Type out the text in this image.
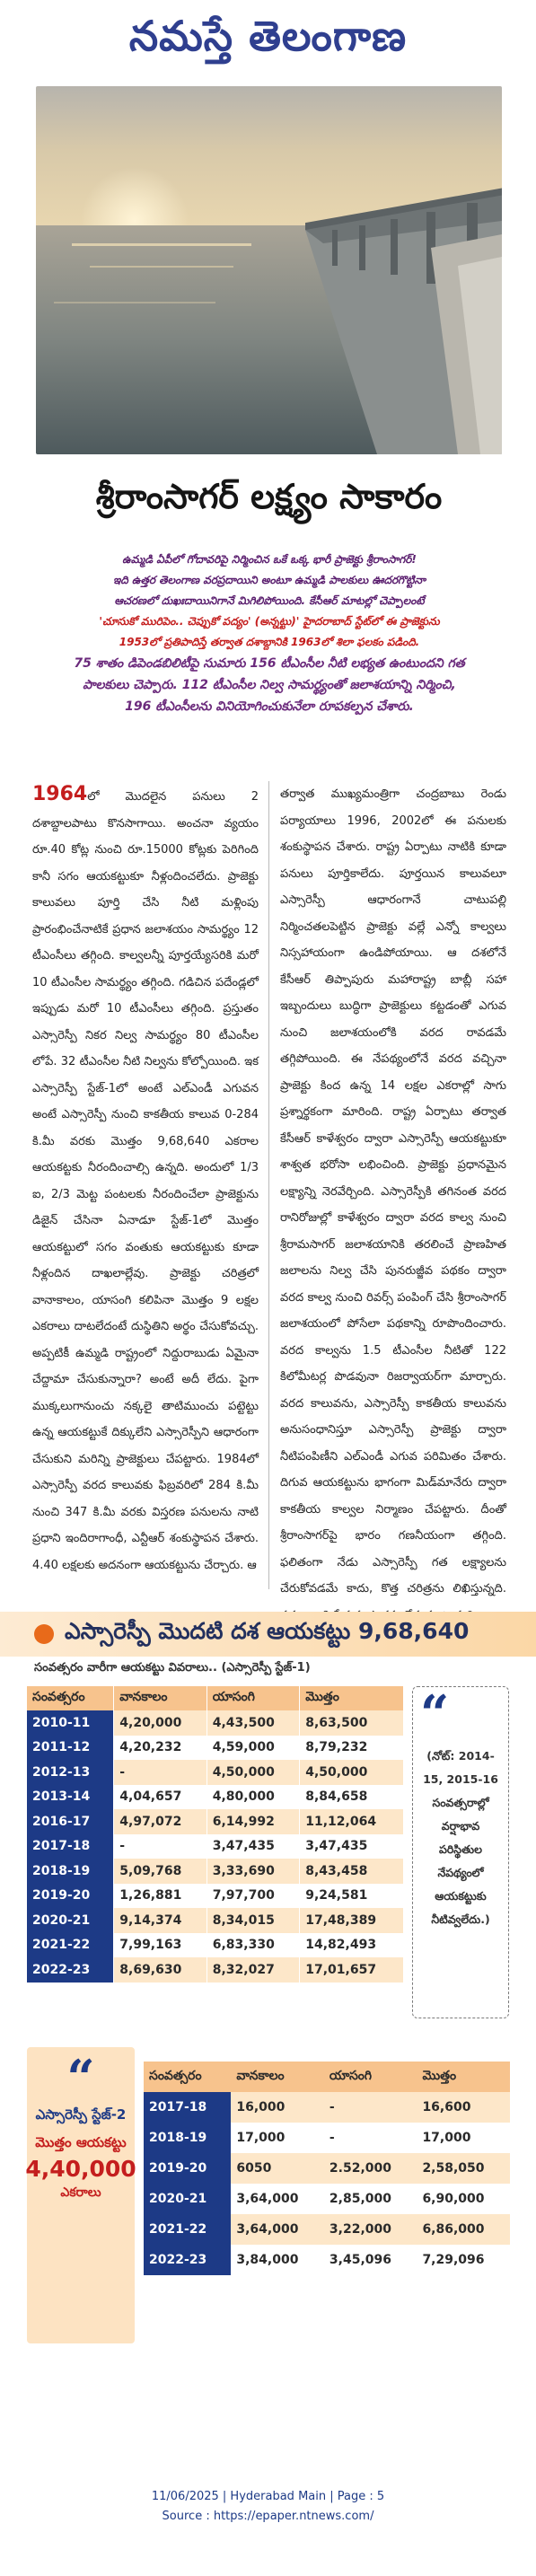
నమస్తే తెలంగాణ
శ్రీరాంసాగర్ లక్ష్యం సాకారం
ఉమ్మడి ఏపీలో గోదావరిపై నిర్మించిన ఒకే ఒక్క భారీ ప్రాజెక్టు శ్రీరాంసాగర్!
ఇది ఉత్తర తెలంగాణ వరప్రదాయిని అంటూ ఉమ్మడి పాలకులు ఊదరగొట్టినా
ఆచరణలో దుఖఃదాయినిగానే మిగిలిపోయింది. కేసీఆర్ మాటల్లో చెప్పాలంటే
'చూసుకో మురిపెం.. చెప్పుకో పద్యం' (అన్నట్టు)' హైదరాబాద్ స్టేట్‌లో ఈ ప్రాజెక్టును
1953లో ప్రతిపాదిస్తే తర్వాత దశాబ్దానికి 1963లో శిలా ఫలకం పడింది.
75 శాతం డిపెండబిలిటీపై సుమారు 156 టీఎంసీల నీటి లభ్యత ఉంటుందని గత
పాలకులు చెప్పారు. 112 టీఎంసీల నిల్వ సామర్థ్యంతో జలాశయాన్ని నిర్మించి,
196 టీఎంసీలను వినియోగించుకునేలా రూపకల్పన చేశారు.
1964లో మొదలైన పనులు 2 దశాబ్దాలపాటు కొనసాగాయి. అంచనా వ్యయం రూ.40 కోట్ల నుంచి రూ.15000 కోట్లకు పెరిగింది కానీ సగం ఆయకట్టుకూ నీళ్లందించలేదు. ప్రాజెక్టు కాలువలు పూర్తి చేసి నీటి మళ్లింపు ప్రారంభించేనాటికే ప్రధాన జలాశయం సామర్థ్యం 12 టీఎంసీలు తగ్గింది. కాల్వలన్నీ పూర్తయ్యేసరికి మరో 10 టీఎంసీల సామర్థ్యం తగ్గింది. గడిచిన పదేండ్లలో ఇప్పుడు మరో 10 టీఎంసీలు తగ్గింది. ప్రస్తుతం ఎస్సారెస్పీ నికర నిల్వ సామర్థ్యం 80 టీఎంసీల లోపే. 32 టీఎంసీల నీటి నిల్వను కోల్పోయింది. ఇక ఎస్సారెస్పీ స్టేజ్-1లో అంటే ఎల్‌ఎండీ ఎగువన అంటే ఎస్సారెస్పీ నుంచి కాకతీయ కాలువ 0-284 కి.మీ వరకు మొత్తం 9,68,640 ఎకరాల ఆయకట్టకు నీరందించాల్సి ఉన్నది. అందులో 1/3 ఐ, 2/3 మెట్ట పంటలకు నీరందించేలా ప్రాజెక్టును డిజైన్ చేసినా ఏనాడూ స్టేజ్-1లో మొత్తం ఆయకట్టులో సగం వంతుకు ఆయకట్టుకు కూడా నీళ్లందిన దాఖలాల్లేవు. ప్రాజెక్టు చరిత్రలో వానాకాలం, యాసంగి కలిపినా మొత్తం 9 లక్షల ఎకరాలు దాటలేదంటే దుస్థితిని అర్థం చేసుకోవచ్చు. అప్పటికీ ఉమ్మడి రాష్ట్రంలో నిద్దురాబుడు ఏమైనా చేద్దామా చేసుకున్నారా? అంటే అదీ లేదు. పైగా ముక్కలుగానుంచు నక్కలై తాటిముంచు పట్టెట్టు ఉన్న ఆయకట్టుకే దిక్కులేని ఎస్సారెస్పీని ఆధారంగా చేసుకుని మరిన్ని ప్రాజెక్టులు చేపట్టారు. 1984లో ఎస్సారెస్పీ వరద కాలువకు ఫిబ్రవరిలో 284 కి.మీ నుంచి 347 కి.మీ వరకు విస్తరణ పనులను నాటి ప్రధాని ఇందిరాగాంధీ, ఎన్టీఆర్ శంకుస్థాపన చేశారు. 4.40 లక్షలకు అదనంగా ఆయకట్టును చేర్చారు. ఆ
తర్వాత ముఖ్యమంత్రిగా చంద్రబాబు రెండు పర్యాయాలు 1996, 2002లో ఈ పనులకు శంకుస్థాపన చేశారు. రాష్ట్ర ఏర్పాటు నాటికి కూడా పనులు పూర్తికాలేదు. పూర్తయిన కాలువలూ ఎస్సారెస్పీ ఆధారంగానే చాటుపల్లి నిర్మించతలపెట్టిన ప్రాజెక్టు వల్లే ఎన్నో కాల్వలు నిస్సహాయంగా ఉండిపోయాయి. ఆ దశలోనే కేసీఆర్ తిప్పాపురు మహారాష్ట్ర బాబ్లీ సహా ఇబ్బందులు బుద్ధిగా ప్రాజెక్టులు కట్టడంతో ఎగువ నుంచి జలాశయంలోకి వరద రావడమే తగ్గిపోయింది. ఈ నేపథ్యంలోనే వరద వచ్చినా ప్రాజెక్టు కింద ఉన్న 14 లక్షల ఎకరాల్లో సాగు ప్రశ్నార్థకంగా మారింది. రాష్ట్ర ఏర్పాటు తర్వాత కేసీఆర్ కాళేశ్వరం ద్వారా ఎస్సారెస్పీ ఆయకట్టుకూ శాశ్వత భరోసా లభించింది. ప్రాజెక్టు ప్రధానమైన లక్ష్యాన్ని నెరవేర్చింది. ఎస్సారెస్పీకి తగినంత వరద రానిరోజుల్లో కాళేశ్వరం ద్వారా వరద కాల్వ నుంచి శ్రీరామసాగర్ జలాశయానికి తరలించే ప్రాణహిత జలాలను నిల్వ చేసి పునరుజ్జీవ పథకం ద్వారా వరద కాల్వ నుంచి రివర్స్ పంపింగ్ చేసి శ్రీరాంసాగర్ జలాశయంలో పోసేలా పథకాన్ని రూపొందించారు. వరద కాల్వను 1.5 టీఎంసీల నీటితో 122 కిలోమీటర్ల పొడవునా రిజర్వాయర్‌గా మార్చారు. వరద కాలువను, ఎస్సారెస్పీ కాకతీయ కాలువను అనుసంధానిస్తూ ఎస్సారెస్పీ ప్రాజెక్టు ద్వారా నీటిపంపిణీని ఎల్‌ఎండీ ఎగువ పరిమితం చేశారు. దిగువ ఆయకట్టును భాగంగా మిడ్‌మానేరు ద్వారా కాకతీయ కాల్వల నిర్మాణం చేపట్టారు. దీంతో శ్రీరాంసాగర్‌పై భారం గణనీయంగా తగ్గింది. ఫలితంగా నేడు ఎస్సారెస్పీ గత లక్ష్యాలను చేరుకోవడమే కాదు, కొత్త చరిత్రను లిఖిస్తున్నది.
ఎస్సారెస్పీ మొదటి దశ ఆయకట్టు 9,68,640
సంవత్సరం వారీగా ఆయకట్టు వివరాలు.. (ఎస్సారెస్పీ స్టేజ్-1)
సంవత్సరం	వానకాలం	యాసంగి	మొత్తం
2010-11	4,20,000	4,43,500	8,63,500
2011-12	4,20,232	4,59,000	8,79,232
2012-13	-	4,50,000	4,50,000
2013-14	4,04,657	4,80,000	8,84,658
2016-17	4,97,072	6,14,992	11,12,064
2017-18	-	3,47,435	3,47,435
2018-19	5,09,768	3,33,690	8,43,458
2019-20	1,26,881	7,97,700	9,24,581
2020-21	9,14,374	8,34,015	17,48,389
2021-22	7,99,163	6,83,330	14,82,493
2022-23	8,69,630	8,32,027	17,01,657
“
(నోట్: 2014-15, 2015-16 సంవత్సరాల్లో వర్షాభావ పరిస్థితుల నేపథ్యంలో ఆయకట్టుకు నీటివ్వలేదు.)
“
ఎస్సారెస్పీ స్టేజ్-2
మొత్తం ఆయకట్టు
4,40,000
ఎకరాలు
సంవత్సరం	వానకాలం	యాసంగి	మొత్తం
2017-18	16,000	-	16,600
2018-19	17,000	-	17,000
2019-20	6050	2.52,000	2,58,050
2020-21	3,64,000	2,85,000	6,90,000
2021-22	3,64,000	3,22,000	6,86,000
2022-23	3,84,000	3,45,096	7,29,096
11/06/2025 | Hyderabad Main | Page : 5
Source : https://epaper.ntnews.com/
